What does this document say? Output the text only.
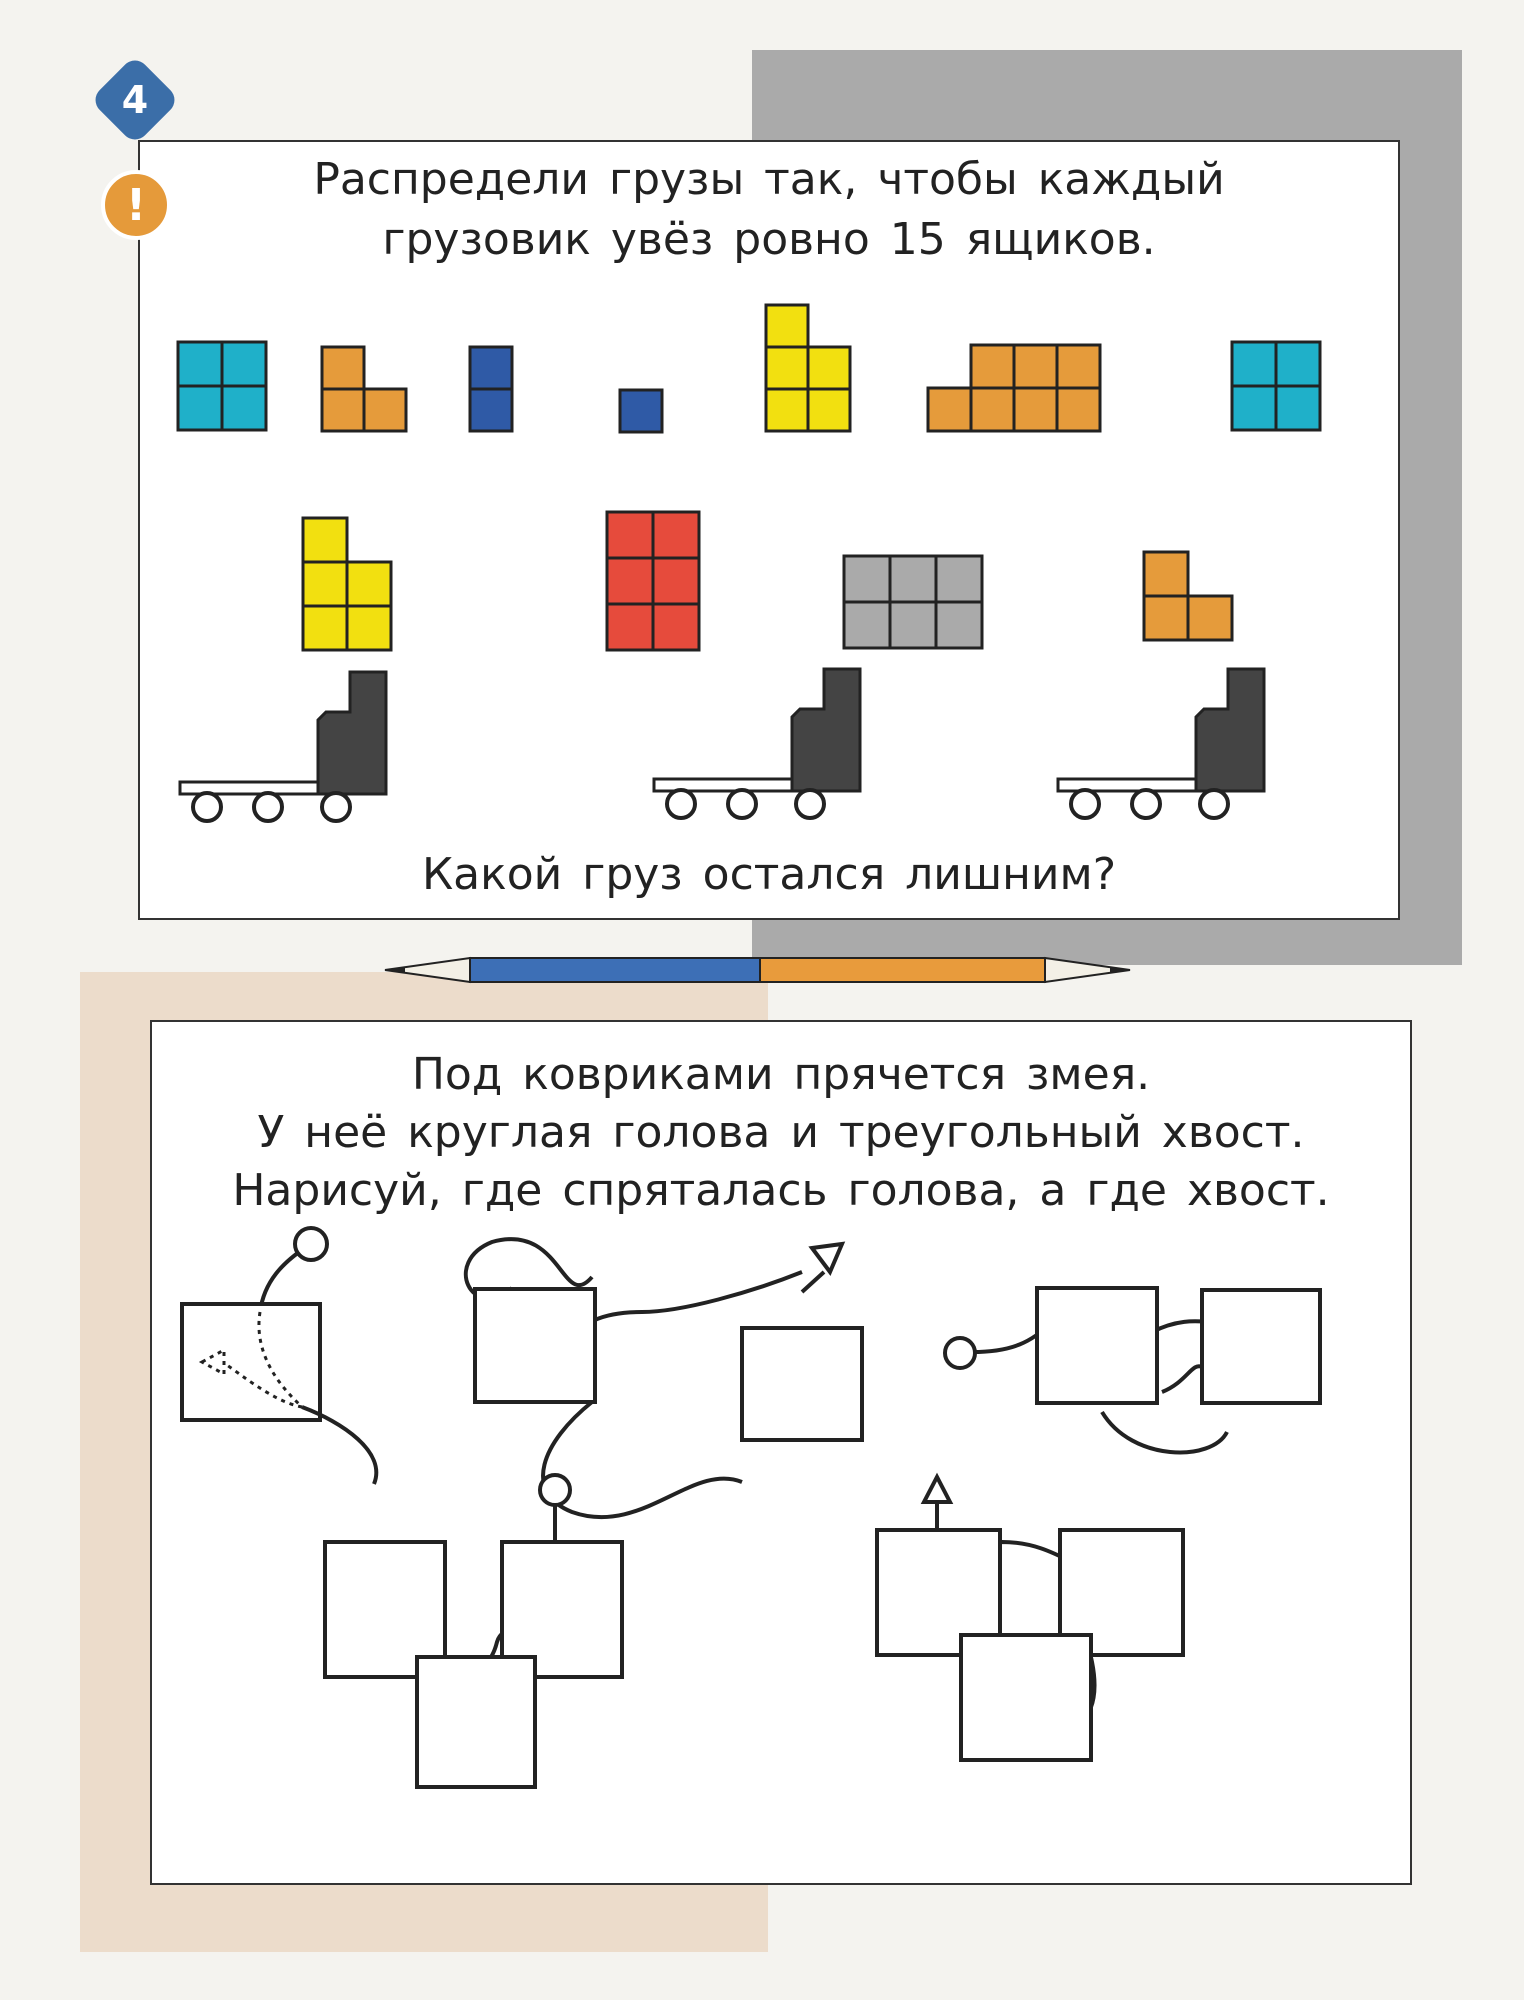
4

Распредели грузы так, чтобы каждый

грузовик увёз ровно 15 ящиков.

Какой груз остался лишним?

!

Под ковриками прячется змея.

У неё круглая голова и треугольный хвост.

Нарисуй, где спряталась голова, а где хвост.
